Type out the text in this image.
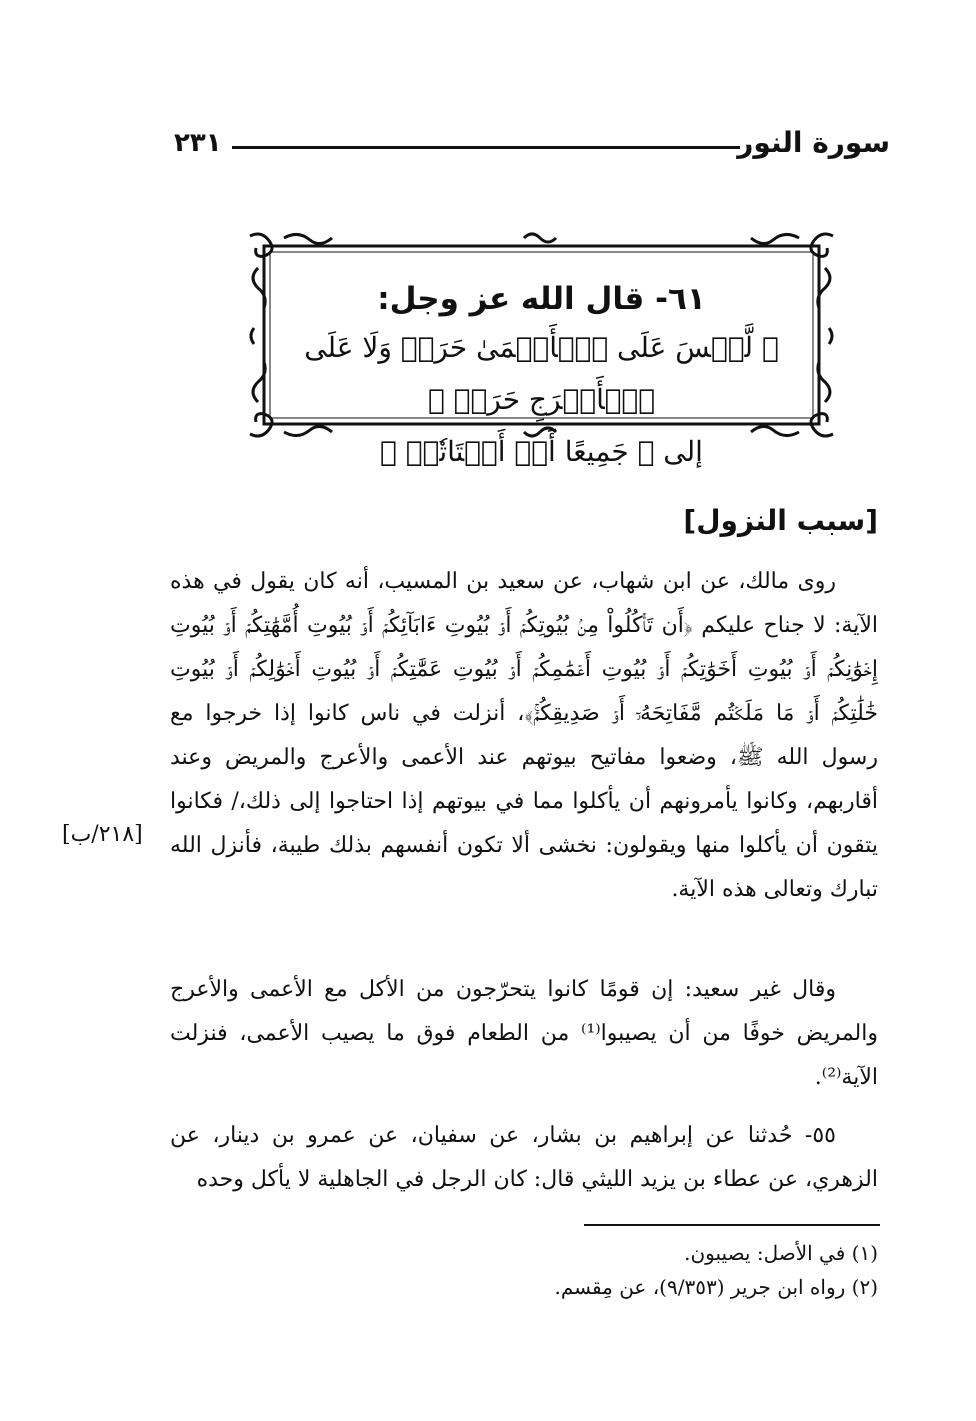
٢٣١	سورة النور
٦١- قال الله عز وجل:
﴿ لَّيۡسَ عَلَى ٱلۡأَعۡمَىٰ حَرَجٞ وَلَا عَلَى ٱلۡأَعۡرَجِ حَرَجٞ ﴾
إلى ﴿ جَمِيعًا أَوۡ أَشۡتَاتٗاۚ ﴾
[سبب النزول]

روى مالك، عن ابن شهاب، عن سعيد بن المسيب، أنه كان يقول في هذه الآية: لا جناح عليكم ﴿أَن تَأۡكُلُواْ مِنۢ بُيُوتِكُمۡ أَوۡ بُيُوتِ ءَابَآئِكُمۡ أَوۡ بُيُوتِ أُمَّهَٰتِكُمۡ أَوۡ بُيُوتِ إِخۡوَٰنِكُمۡ أَوۡ بُيُوتِ أَخَوَٰتِكُمۡ أَوۡ بُيُوتِ أَعۡمَٰمِكُمۡ أَوۡ بُيُوتِ عَمَّٰتِكُمۡ أَوۡ بُيُوتِ أَخۡوَٰلِكُمۡ أَوۡ بُيُوتِ خَٰلَٰتِكُمۡ أَوۡ مَا مَلَكۡتُم مَّفَاتِحَهُۥٓ أَوۡ صَدِيقِكُمۡۚ﴾، أنزلت في ناس كانوا إذا خرجوا مع رسول الله ﷺ، وضعوا مفاتيح بيوتهم عند الأعمى والأعرج والمريض وعند أقاربهم، وكانوا يأمرونهم أن يأكلوا مما في بيوتهم إذا احتاجوا إلى ذلك،/ فكانوا يتقون أن يأكلوا منها ويقولون: نخشى ألا تكون أنفسهم بذلك طيبة، فأنزل الله تبارك وتعالى هذه الآية.

[٢١٨/ب]

وقال غير سعيد: إن قومًا كانوا يتحرّجون من الأكل مع الأعمى والأعرج والمريض خوفًا من أن يصيبوا⁽¹⁾ من الطعام فوق ما يصيب الأعمى، فنزلت الآية⁽²⁾.

٥٥- حُدثنا عن إبراهيم بن بشار، عن سفيان، عن عمرو بن دينار، عن الزهري، عن عطاء بن يزيد الليثي قال: كان الرجل في الجاهلية لا يأكل وحده

(١) في الأصل: يصيبون.
(٢) رواه ابن جرير (٩/٣٥٣)، عن مِقسم.
